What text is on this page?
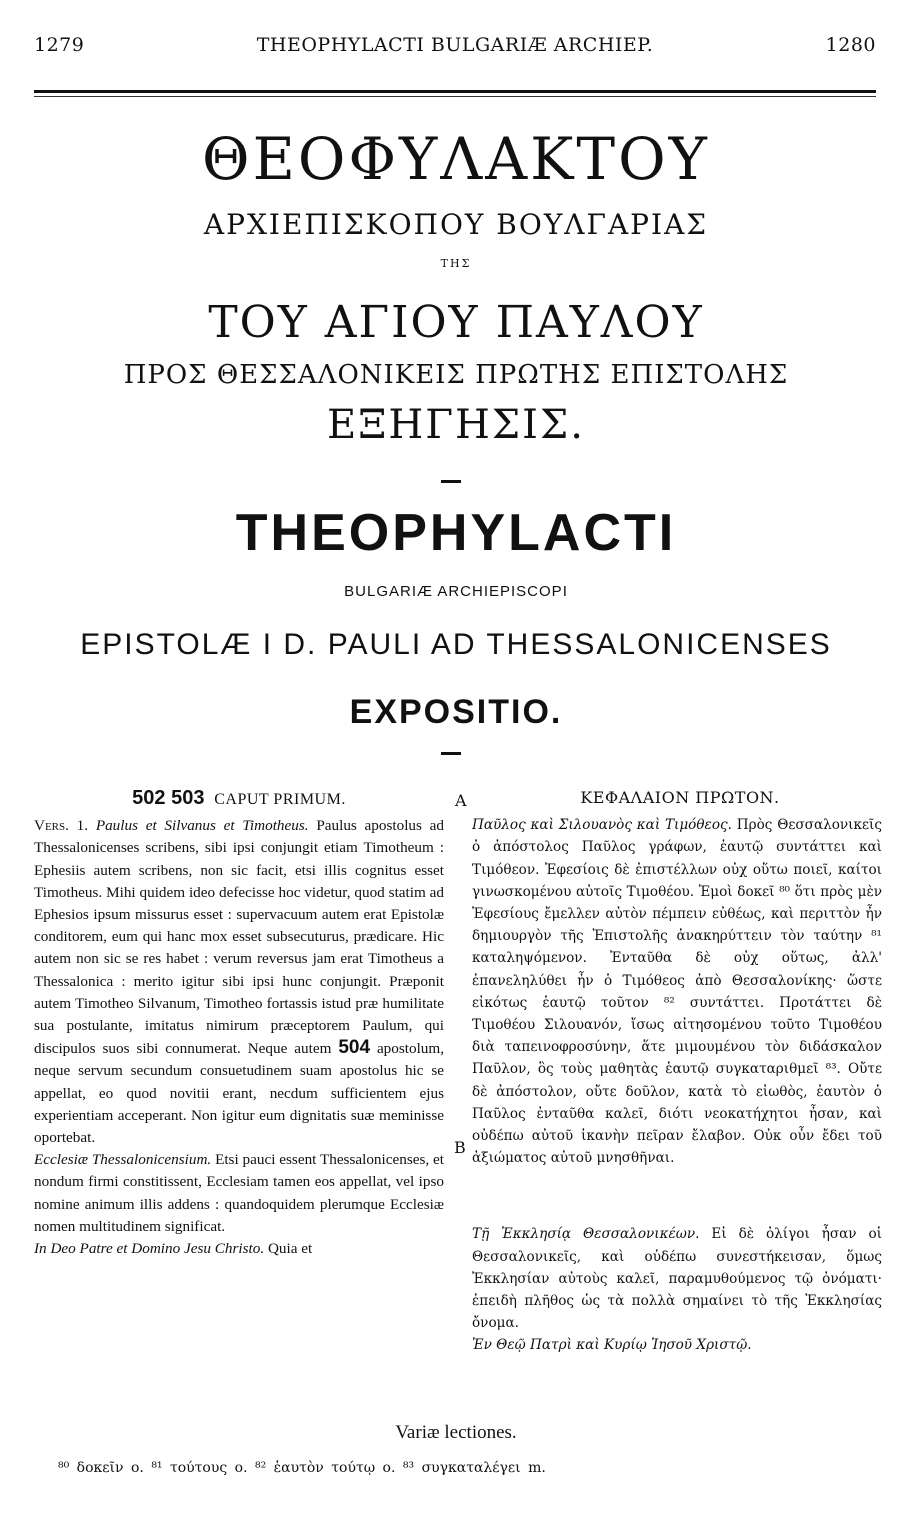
1279	THEOPHYLACTI BULGARIÆ ARCHIEP.	1280
ΘΕΟΦΥΛΑΚΤΟΥ
ΑΡΧΙΕΠΙΣΚΟΠΟΥ ΒΟΥΛΓΑΡΙΑΣ
ΤΗΣ
ΤΟΥ ΑΓΙΟΥ ΠΑΥΛΟΥ
ΠΡΟΣ ΘΕΣΣΑΛΟΝΙΚΕΙΣ ΠΡΩΤΗΣ ΕΠΙΣΤΟΛΗΣ
ΕΞΗΓΗΣΙΣ.
THEOPHYLACTI
BULGARIÆ ARCHIEPISCOPI
EPISTOLÆ I D. PAULI AD THESSALONICENSES
EXPOSITIO.
A
B
502 503 CAPUT PRIMUM.

Vers. 1. Paulus et Silvanus et Timotheus. Paulus apostolus ad Thessalonicenses scribens, sibi ipsi conjungit etiam Timotheum : Ephesiis autem scribens, non sic facit, etsi illis cognitus esset Timotheus. Mihi quidem ideo defecisse hoc videtur, quod statim ad Ephesios ipsum missurus esset : supervacuum autem erat Epistolæ conditorem, eum qui hanc mox esset subsecuturus, prædicare. Hic autem non sic se res habet : verum reversus jam erat Timotheus a Thessalonica : merito igitur sibi ipsi hunc conjungit. Præponit autem Timotheo Silvanum, Timotheo fortassis istud præ humilitate sua postulante, imitatus nimirum præceptorem Paulum, qui discipulos suos sibi connumerat. Neque autem 504 apostolum, neque servum secundum consuetudinem suam apostolus hic se appellat, eo quod novitii erant, necdum sufficientem ejus experientiam acceperant. Non igitur eum dignitatis suæ meminisse oportebat.

Ecclesiæ Thessalonicensium. Etsi pauci essent Thessalonicenses, et nondum firmi constitissent, Ecclesiam tamen eos appellat, vel ipso nomine animum illis addens : quandoquidem plerumque Ecclesiæ nomen multitudinem significat.

In Deo Patre et Domino Jesu Christo. Quia et

ΚΕΦΑΛΑΙΟΝ ΠΡΩΤΟΝ.

Παῦλος καὶ Σιλουανὸς καὶ Τιμόθεος. Πρὸς Θεσσαλονικεῖς ὁ ἀπόστολος Παῦλος γράφων, ἑαυτῷ συντάττει καὶ Τιμόθεον. Ἐφεσίοις δὲ ἐπιστέλλων οὐχ οὕτω ποιεῖ, καίτοι γινωσκομένου αὐτοῖς Τιμοθέου. Ἐμοὶ δοκεῖ ⁸⁰ ὅτι πρὸς μὲν Ἐφεσίους ἔμελλεν αὐτὸν πέμπειν εὐθέως, καὶ περιττὸν ἦν δημιουργὸν τῆς Ἐπιστολῆς ἀνακηρύττειν τὸν ταύτην ⁸¹ καταληψόμενον. Ἐνταῦθα δὲ οὐχ οὕτως, ἀλλ' ἐπανεληλύθει ἦν ὁ Τιμόθεος ἀπὸ Θεσσαλονίκης· ὥστε εἰκότως ἑαυτῷ τοῦτον ⁸² συντάττει. Προτάττει δὲ Τιμοθέου Σιλουανόν, ἴσως αἰτησομένου τοῦτο Τιμοθέου διὰ ταπεινοφροσύνην, ἅτε μιμουμένου τὸν διδάσκαλον Παῦλον, ὃς τοὺς μαθητὰς ἑαυτῷ συγκαταριθμεῖ ⁸³. Οὔτε δὲ ἀπόστολον, οὔτε δοῦλον, κατὰ τὸ εἰωθὸς, ἑαυτὸν ὁ Παῦλος ἐνταῦθα καλεῖ, διότι νεοκατήχητοι ἦσαν, καὶ οὐδέπω αὐτοῦ ἱκανὴν πεῖραν ἔλαβον. Οὐκ οὖν ἔδει τοῦ ἀξιώματος αὐτοῦ μνησθῆναι.

Τῇ Ἐκκλησίᾳ Θεσσαλονικέων. Εἰ δὲ ὀλίγοι ἦσαν οἱ Θεσσαλονικεῖς, καὶ οὐδέπω συνεστήκεισαν, ὅμως Ἐκκλησίαν αὐτοὺς καλεῖ, παραμυθούμενος τῷ ὀνόματι· ἐπειδὴ πλῆθος ὡς τὰ πολλὰ σημαίνει τὸ τῆς Ἐκκλησίας ὄνομα.

Ἐν Θεῷ Πατρὶ καὶ Κυρίῳ Ἰησοῦ Χριστῷ.

Variæ lectiones.
⁸⁰ δοκεῖν ο. ⁸¹ τούτους ο. ⁸² ἑαυτὸν τούτῳ ο. ⁸³ συγκαταλέγει m.
